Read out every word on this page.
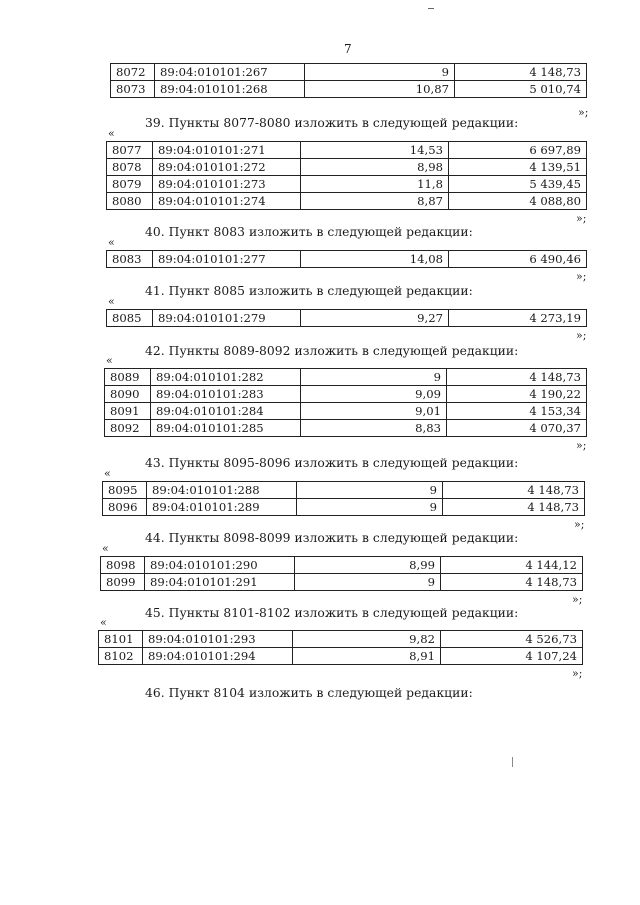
7
8072	89:04:010101:267	9	4 148,73
8073	89:04:010101:268	10,87	5 010,74
»;
39. Пункты 8077-8080 изложить в следующей редакции:
«
8077	89:04:010101:271	14,53	6 697,89
8078	89:04:010101:272	8,98	4 139,51
8079	89:04:010101:273	11,8	5 439,45
8080	89:04:010101:274	8,87	4 088,80
»;
40. Пункт 8083 изложить в следующей редакции:
«
8083	89:04:010101:277	14,08	6 490,46
»;
41. Пункт 8085 изложить в следующей редакции:
«
8085	89:04:010101:279	9,27	4 273,19
»;
42. Пункты 8089-8092 изложить в следующей редакции:
«
8089	89:04:010101:282	9	4 148,73
8090	89:04:010101:283	9,09	4 190,22
8091	89:04:010101:284	9,01	4 153,34
8092	89:04:010101:285	8,83	4 070,37
»;
43. Пункты 8095-8096 изложить в следующей редакции:
«
8095	89:04:010101:288	9	4 148,73
8096	89:04:010101:289	9	4 148,73
»;
44. Пункты 8098-8099 изложить в следующей редакции:
«
8098	89:04:010101:290	8,99	4 144,12
8099	89:04:010101:291	9	4 148,73
»;
45. Пункты 8101-8102 изложить в следующей редакции:
«
8101	89:04:010101:293	9,82	4 526,73
8102	89:04:010101:294	8,91	4 107,24
»;
46. Пункт 8104 изложить в следующей редакции:
